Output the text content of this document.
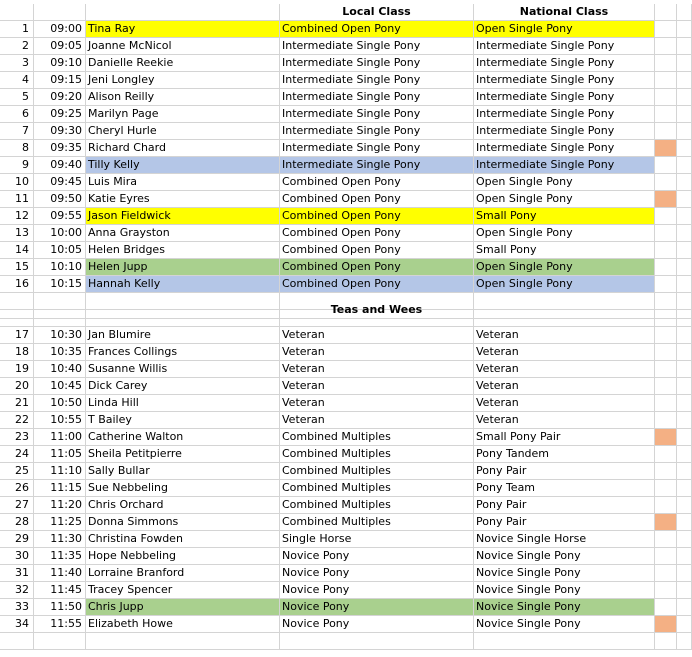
Local Class	National Class
1	09:00 Tina Ray	Combined Open Pony	Open Single Pony
2	09:05 Joanne McNicol	Intermediate Single Pony	Intermediate Single Pony
3	09:10 Danielle Reekie	Intermediate Single Pony	Intermediate Single Pony
4	09:15 Jeni Longley	Intermediate Single Pony	Intermediate Single Pony
5	09:20 Alison Reilly	Intermediate Single Pony	Intermediate Single Pony
6	09:25 Marilyn Page	Intermediate Single Pony	Intermediate Single Pony
7	09:30 Cheryl Hurle	Intermediate Single Pony	Intermediate Single Pony
8	09:35 Richard Chard	Intermediate Single Pony	Intermediate Single Pony
9	09:40 Tilly Kelly	Intermediate Single Pony	Intermediate Single Pony
10	09:45 Luis Mira	Combined Open Pony	Open Single Pony
11	09:50 Katie Eyres	Combined Open Pony	Open Single Pony
12	09:55 Jason Fieldwick	Combined Open Pony	Small Pony
13	10:00 Anna Grayston	Combined Open Pony	Open Single Pony
14	10:05 Helen Bridges	Combined Open Pony	Small Pony
15	10:10 Helen Jupp	Combined Open Pony	Open Single Pony
16	10:15 Hannah Kelly	Combined Open Pony	Open Single Pony
Teas and Wees
17	10:30 Jan Blumire	Veteran	Veteran
18	10:35 Frances Collings	Veteran	Veteran
19	10:40 Susanne Willis	Veteran	Veteran
20	10:45 Dick Carey	Veteran	Veteran
21	10:50 Linda Hill	Veteran	Veteran
22	10:55 T Bailey	Veteran	Veteran
23	11:00 Catherine Walton	Combined Multiples	Small Pony Pair
24	11:05 Sheila Petitpierre	Combined Multiples	Pony Tandem
25	11:10 Sally Bullar	Combined Multiples	Pony Pair
26	11:15 Sue Nebbeling	Combined Multiples	Pony Team
27	11:20 Chris Orchard	Combined Multiples	Pony Pair
28	11:25 Donna Simmons	Combined Multiples	Pony Pair
29	11:30 Christina Fowden	Single Horse	Novice Single Horse
30	11:35 Hope Nebbeling	Novice Pony	Novice Single Pony
31	11:40 Lorraine Branford	Novice Pony	Novice Single Pony
32	11:45 Tracey Spencer	Novice Pony	Novice Single Pony
33	11:50 Chris Jupp	Novice Pony	Novice Single Pony
34	11:55 Elizabeth Howe	Novice Pony	Novice Single Pony
